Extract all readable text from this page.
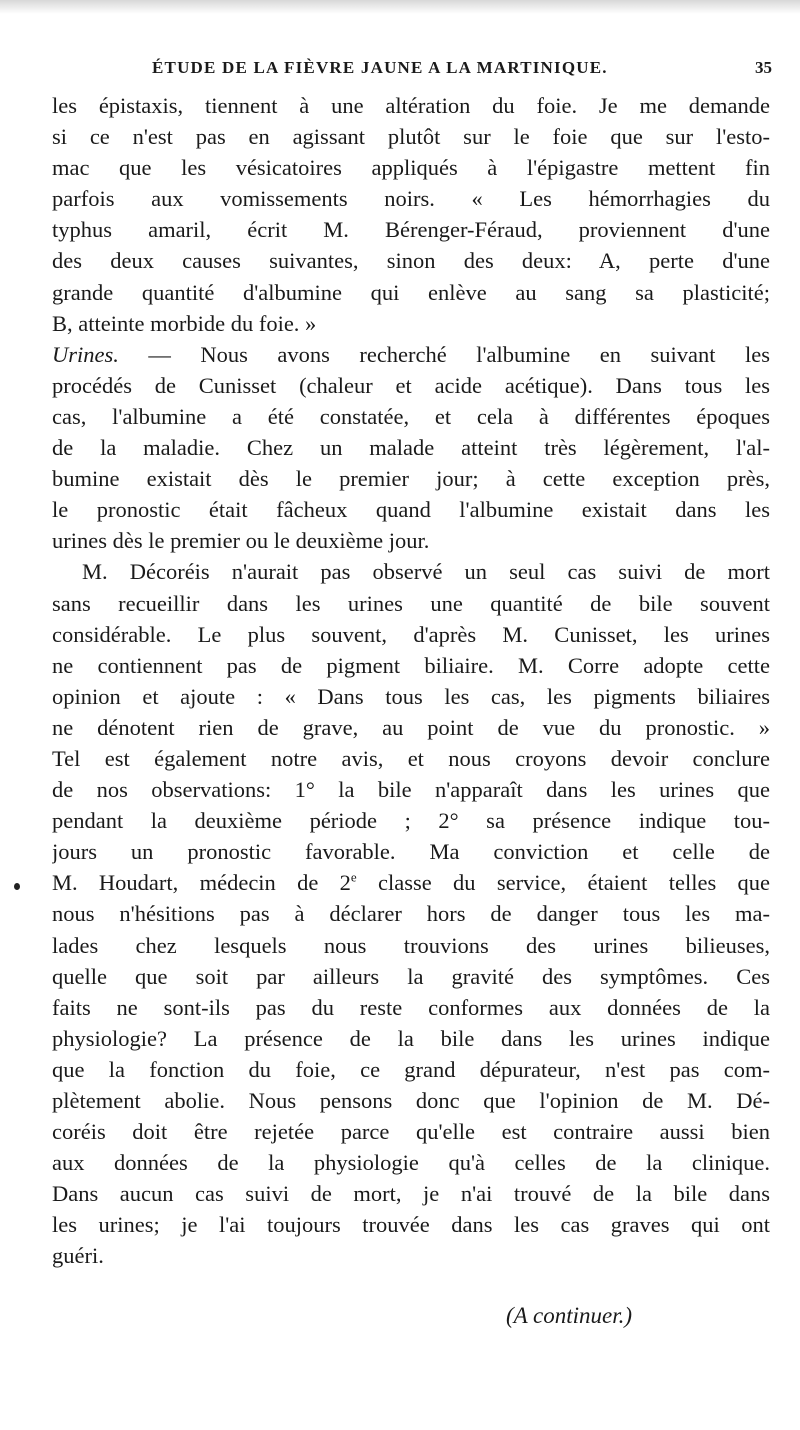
ÉTUDE DE LA FIÈVRE JAUNE A LA MARTINIQUE.	35
les épistaxis, tiennent à une altération du foie. Je me demande
si ce n'est pas en agissant plutôt sur le foie que sur l'esto-
mac que les vésicatoires appliqués à l'épigastre mettent fin
parfois aux vomissements noirs. « Les hémorrhagies du
typhus amaril, écrit M. Bérenger-Féraud, proviennent d'une
des deux causes suivantes, sinon des deux: A, perte d'une
grande quantité d'albumine qui enlève au sang sa plasticité;
B, atteinte morbide du foie. »
Urines. — Nous avons recherché l'albumine en suivant les
procédés de Cunisset (chaleur et acide acétique). Dans tous les
cas, l'albumine a été constatée, et cela à différentes époques
de la maladie. Chez un malade atteint très légèrement, l'al-
bumine existait dès le premier jour; à cette exception près,
le pronostic était fâcheux quand l'albumine existait dans les
urines dès le premier ou le deuxième jour.
M. Décoréis n'aurait pas observé un seul cas suivi de mort
sans recueillir dans les urines une quantité de bile souvent
considérable. Le plus souvent, d'après M. Cunisset, les urines
ne contiennent pas de pigment biliaire. M. Corre adopte cette
opinion et ajoute : « Dans tous les cas, les pigments biliaires
ne dénotent rien de grave, au point de vue du pronostic. »
Tel est également notre avis, et nous croyons devoir conclure
de nos observations: 1° la bile n'apparaît dans les urines que
pendant la deuxième période ; 2° sa présence indique tou-
jours un pronostic favorable. Ma conviction et celle de
M. Houdart, médecin de 2e classe du service, étaient telles que
nous n'hésitions pas à déclarer hors de danger tous les ma-
lades chez lesquels nous trouvions des urines bilieuses,
quelle que soit par ailleurs la gravité des symptômes. Ces
faits ne sont-ils pas du reste conformes aux données de la
physiologie? La présence de la bile dans les urines indique
que la fonction du foie, ce grand dépurateur, n'est pas com-
plètement abolie. Nous pensons donc que l'opinion de M. Dé-
coréis doit être rejetée parce qu'elle est contraire aussi bien
aux données de la physiologie qu'à celles de la clinique.
Dans aucun cas suivi de mort, je n'ai trouvé de la bile dans
les urines; je l'ai toujours trouvée dans les cas graves qui ont
guéri.
(A continuer.)
